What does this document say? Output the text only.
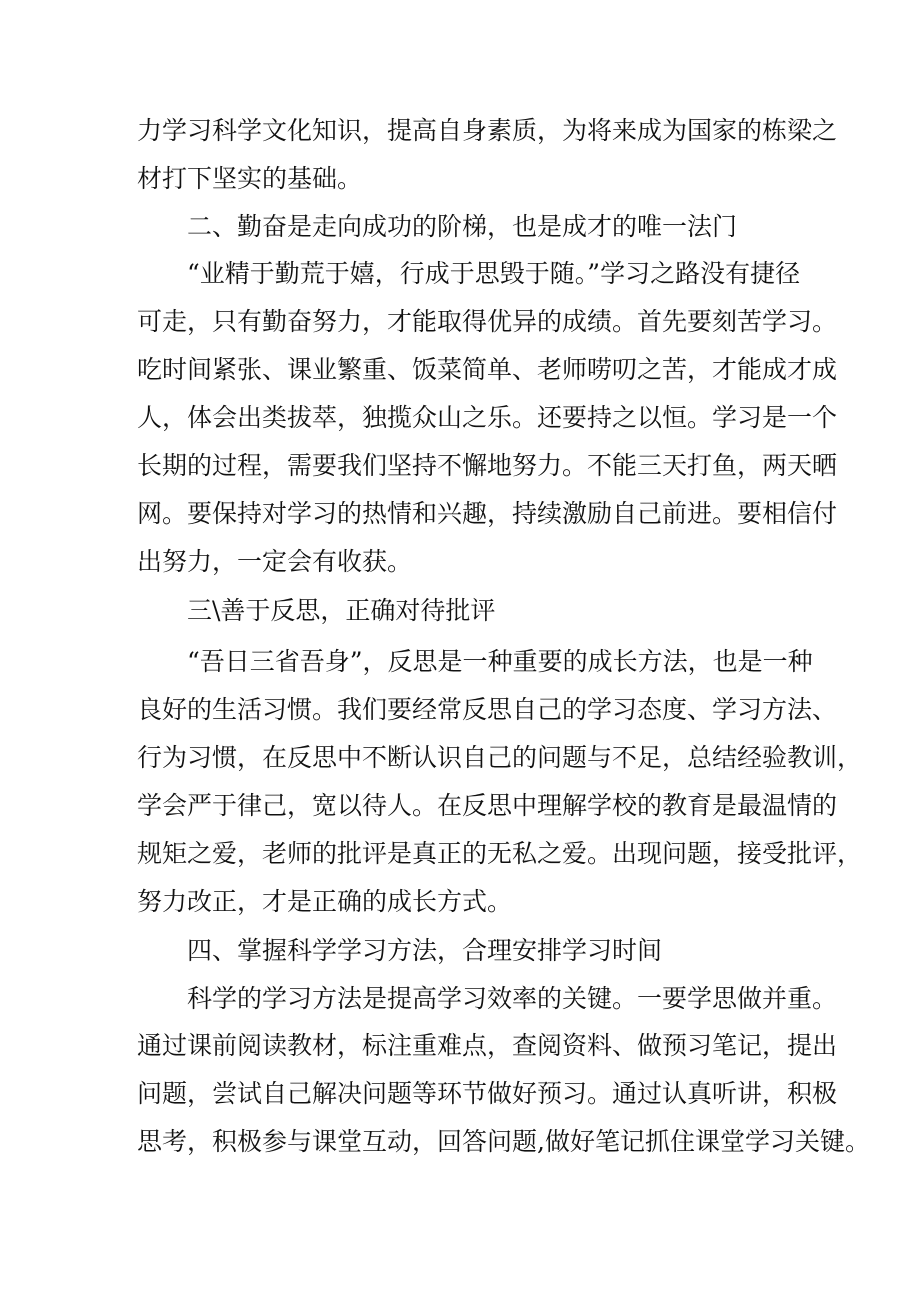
力学习科学文化知识，提高自身素质，为将来成为国家的栋梁之
材打下坚实的基础。
二、勤奋是走向成功的阶梯，也是成才的唯一法门
“业精于勤荒于嬉，行成于思毁于随。”学习之路没有捷径
可走，只有勤奋努力，才能取得优异的成绩。首先要刻苦学习。
吃时间紧张、课业繁重、饭菜简单、老师唠叨之苦，才能成才成
人，体会出类拔萃，独揽众山之乐。还要持之以恒。学习是一个
长期的过程，需要我们坚持不懈地努力。不能三天打鱼，两天晒
网。要保持对学习的热情和兴趣，持续激励自己前进。要相信付
出努力，一定会有收获。
三\善于反思，正确对待批评
“吾日三省吾身”，反思是一种重要的成长方法，也是一种
良好的生活习惯。我们要经常反思自己的学习态度、学习方法、
行为习惯，在反思中不断认识自己的问题与不足，总结经验教训，
学会严于律己，宽以待人。在反思中理解学校的教育是最温情的
规矩之爱，老师的批评是真正的无私之爱。出现问题，接受批评，
努力改正，才是正确的成长方式。
四、掌握科学学习方法，合理安排学习时间
科学的学习方法是提高学习效率的关键。一要学思做并重。
通过课前阅读教材，标注重难点，查阅资料、做预习笔记，提出
问题，尝试自己解决问题等环节做好预习。通过认真听讲，积极
思考，积极参与课堂互动，回答问题,做好笔记抓住课堂学习关键。
